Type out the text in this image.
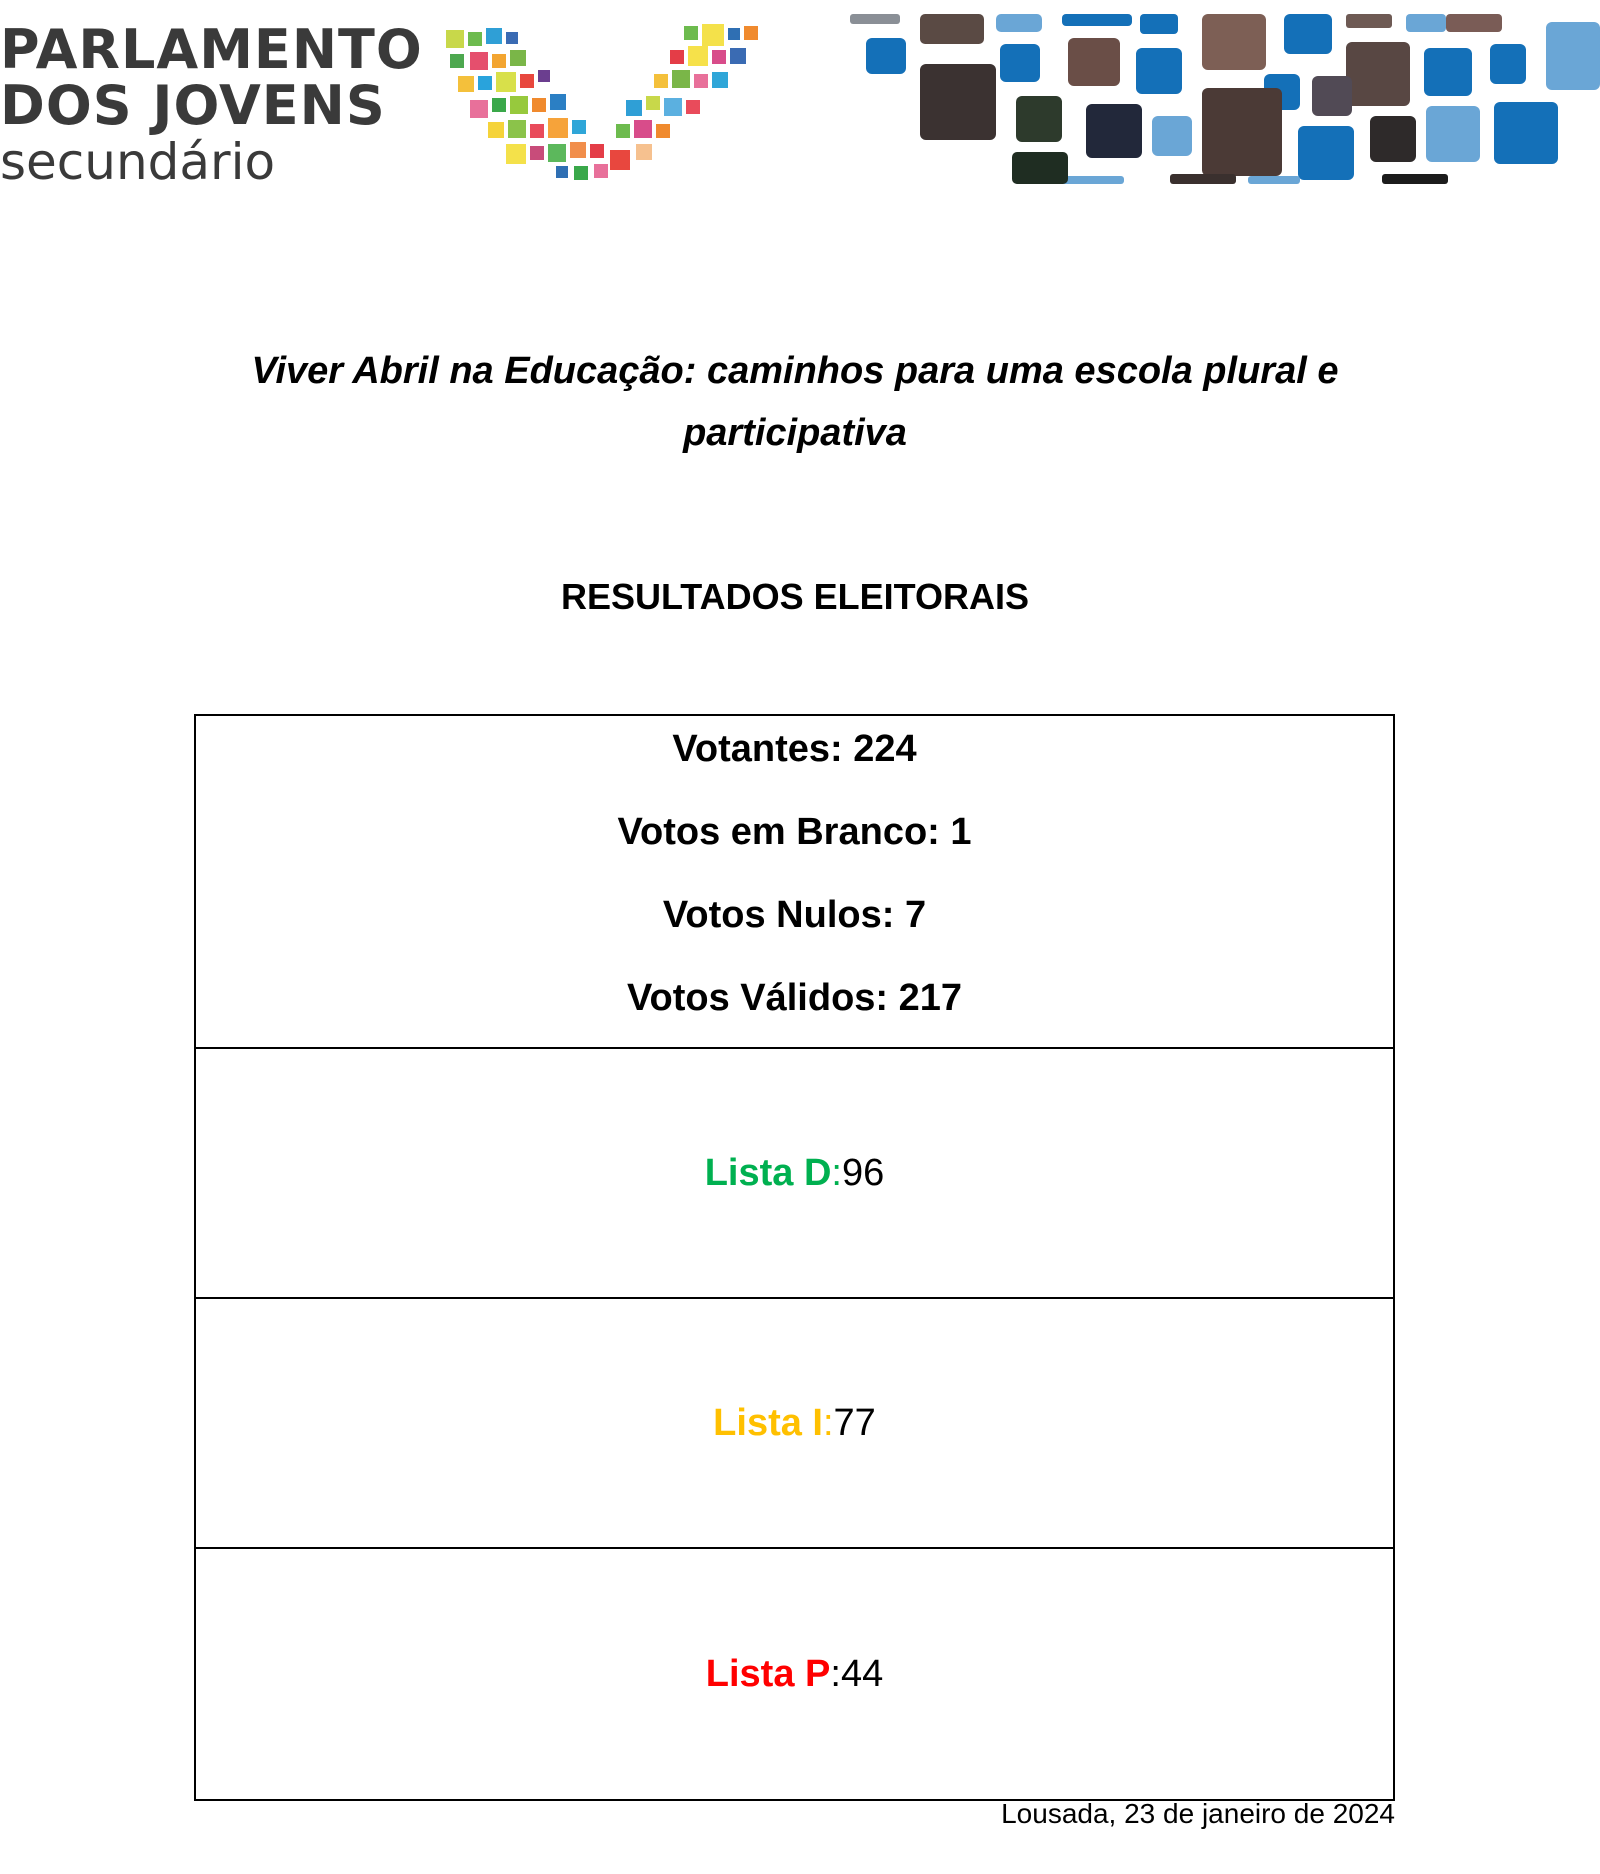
PARLAMENTO
DOS JOVENS
secundário
Viver Abril na Educação: caminhos para uma escola plural e
participativa
RESULTADOS ELEITORAIS
Votantes: 224
Votos em Branco: 1
Votos Nulos: 7
Votos Válidos: 217
Lista D : 96
Lista I : 77
Lista P : 44
Lousada, 23 de janeiro de 2024
